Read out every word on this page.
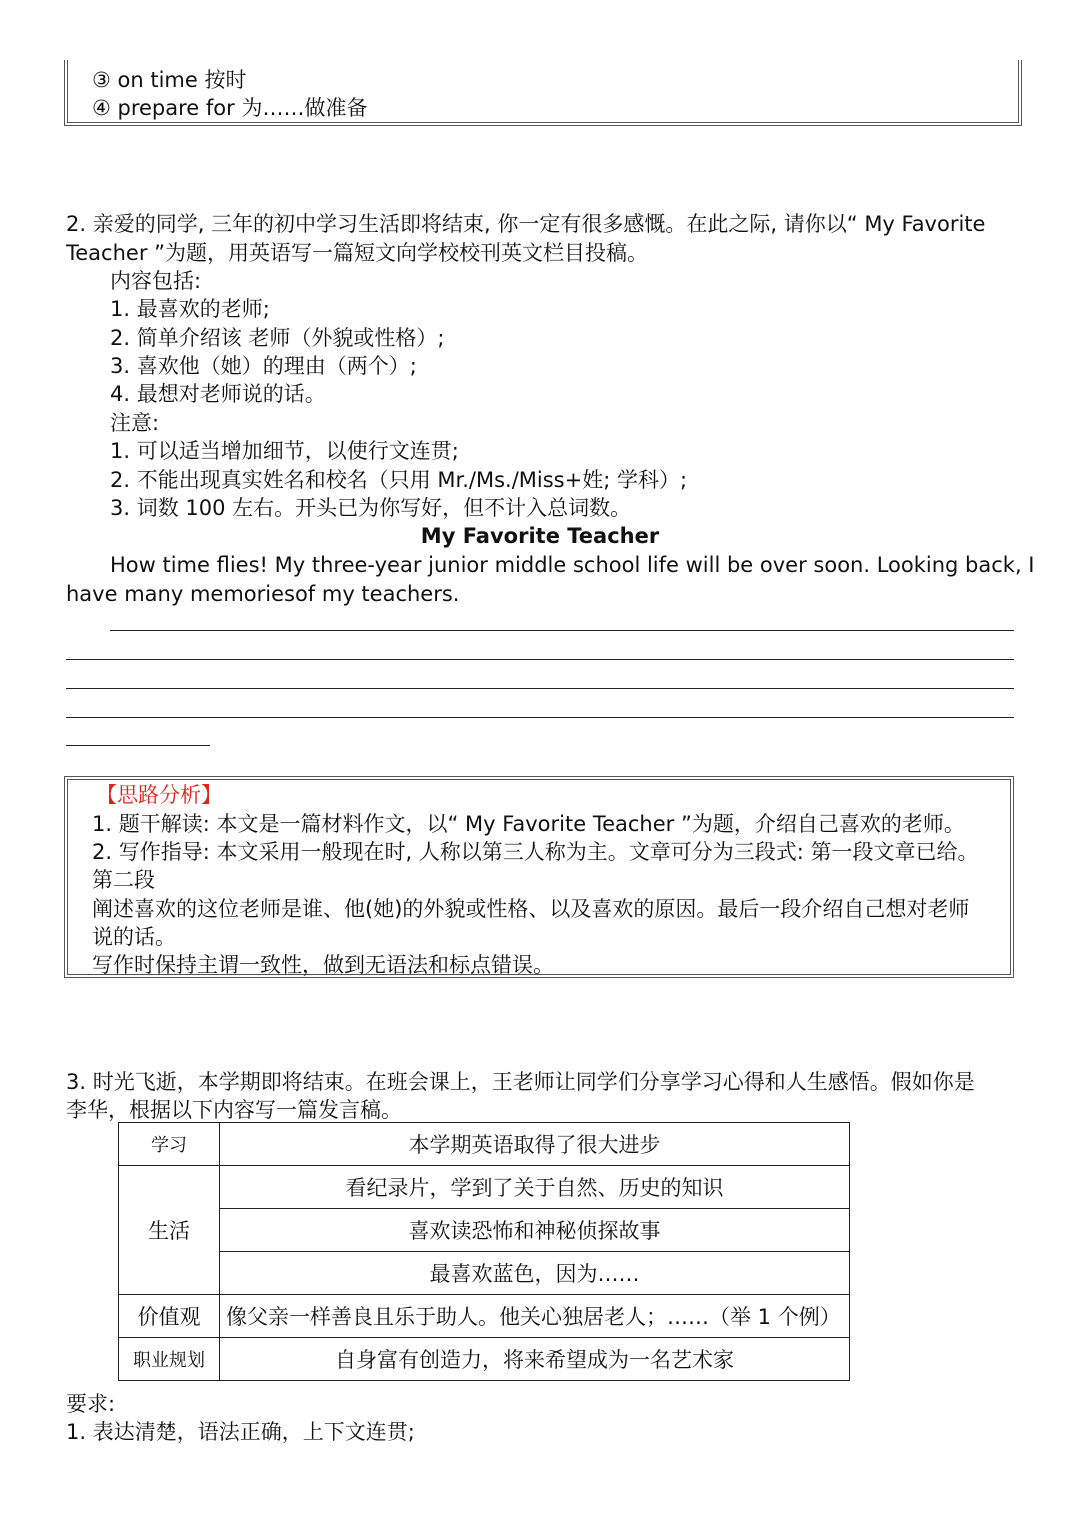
③ on time 按时
④ prepare for 为……做准备
2. 亲爱的同学, 三年的初中学习生活即将结束, 你一定有很多感慨。在此之际, 请你以“ My Favorite
Teacher ”为题，用英语写一篇短文向学校校刊英文栏目投稿。
内容包括:
1. 最喜欢的老师;
2. 简单介绍该 老师（外貌或性格）;
3. 喜欢他（她）的理由（两个）;
4. 最想对老师说的话。
注意:
1. 可以适当增加细节，以使行文连贯;
2. 不能出现真实姓名和校名（只用 Mr./Ms./Miss+姓; 学科）;
3. 词数 100 左右。开头已为你写好，但不计入总词数。
My Favorite Teacher
How time flies! My three-year junior middle school life will be over soon. Looking back, I
have many memoriesof my teachers.
【思路分析】
1. 题干解读: 本文是一篇材料作文，以“ My Favorite Teacher ”为题，介绍自己喜欢的老师。
2. 写作指导: 本文采用一般现在时, 人称以第三人称为主。文章可分为三段式: 第一段文章已给。
第二段
阐述喜欢的这位老师是谁、他(她)的外貌或性格、以及喜欢的原因。最后一段介绍自己想对老师
说的话。
写作时保持主谓一致性，做到无语法和标点错误。
3. 时光飞逝，本学期即将结束。在班会课上，王老师让同学们分享学习心得和人生感悟。假如你是
李华，根据以下内容写一篇发言稿。
学习	本学期英语取得了很大进步
生活	看纪录片，学到了关于自然、历史的知识
	喜欢读恐怖和神秘侦探故事
	最喜欢蓝色，因为……
价值观	像父亲一样善良且乐于助人。他关心独居老人；……（举 1 个例）
职业规划	自身富有创造力，将来希望成为一名艺术家
要求:
1. 表达清楚，语法正确，上下文连贯;
